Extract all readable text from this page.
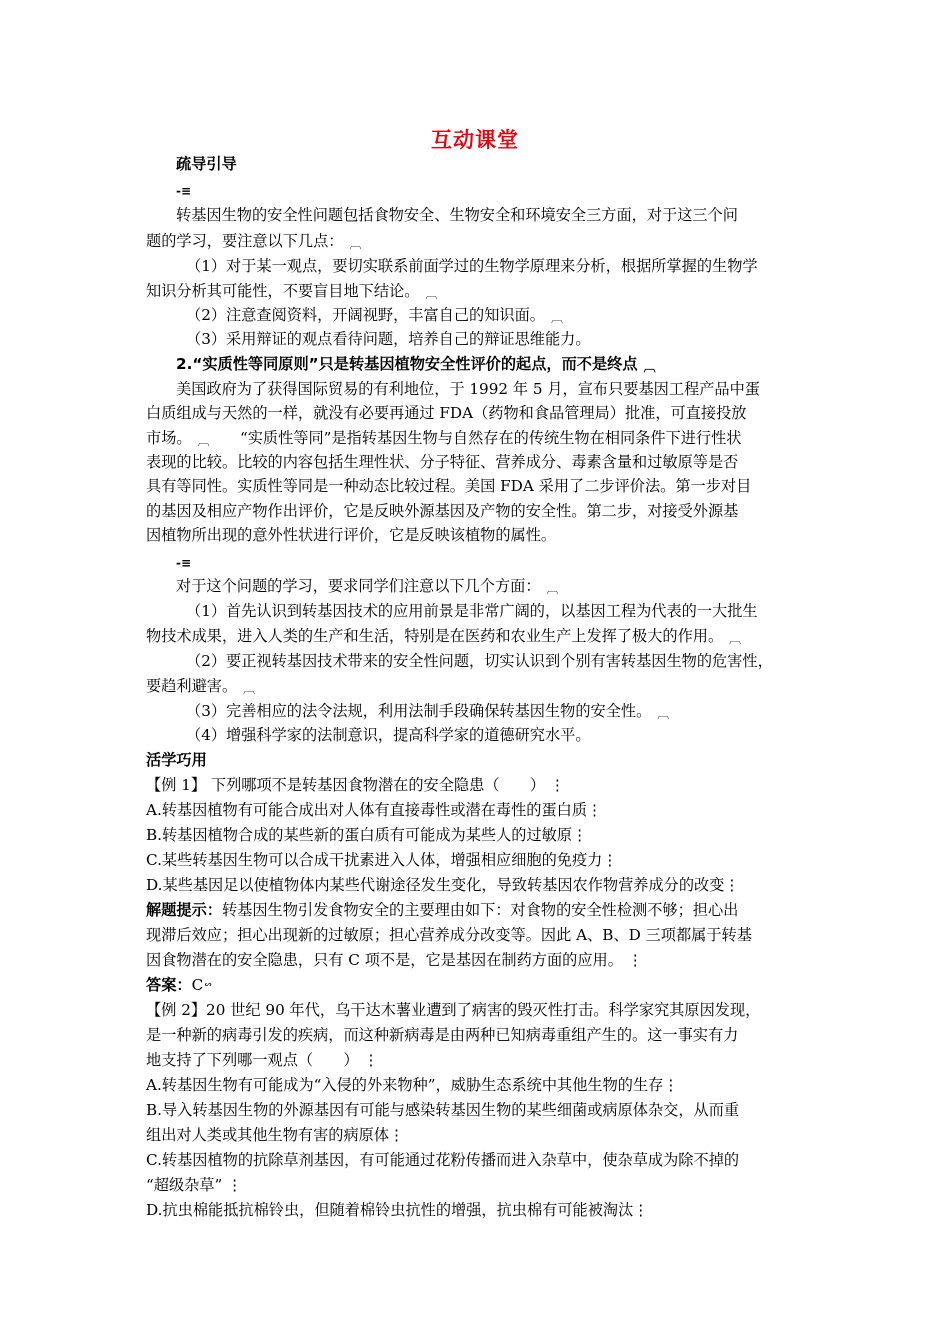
互动课堂
疏导引导
-≡
转基因生物的安全性问题包括食物安全、生物安全和环境安全三方面，对于这三个问
题的学习，要注意以下几点： ︹
（1）对于某一观点，要切实联系前面学过的生物学原理来分析，根据所掌握的生物学
知识分析其可能性，不要盲目地下结论。 ︹
（2）注意查阅资料，开阔视野，丰富自己的知识面。 ︹
（3）采用辩证的观点看待问题，培养自己的辩证思维能力。
2.“实质性等同原则”只是转基因植物安全性评价的起点，而不是终点 ︹
美国政府为了获得国际贸易的有利地位，于 1992 年 5 月，宣布只要基因工程产品中蛋
白质组成与天然的一样，就没有必要再通过 FDA（药物和食品管理局）批准，可直接投放
市场。 ︹　　 “实质性等同”是指转基因生物与自然存在的传统生物在相同条件下进行性状
表现的比较。比较的内容包括生理性状、分子特征、营养成分、毒素含量和过敏原等是否
具有等同性。实质性等同是一种动态比较过程。美国 FDA 采用了二步评价法。第一步对目
的基因及相应产物作出评价，它是反映外源基因及产物的安全性。第二步，对接受外源基
因植物所出现的意外性状进行评价，它是反映该植物的属性。
-≡
对于这个问题的学习，要求同学们注意以下几个方面： ︹
（1）首先认识到转基因技术的应用前景是非常广阔的，以基因工程为代表的一大批生
物技术成果，进入人类的生产和生活，特别是在医药和农业生产上发挥了极大的作用。 ︹
（2）要正视转基因技术带来的安全性问题，切实认识到个别有害转基因生物的危害性，
要趋利避害。 ︹
（3）完善相应的法令法规，利用法制手段确保转基因生物的安全性。 ︹
（4）增强科学家的法制意识，提高科学家的道德研究水平。
活学巧用
【例 1】 下列哪项不是转基因食物潜在的安全隐患（　　） ⋮
A.转基因植物有可能合成出对人体有直接毒性或潜在毒性的蛋白质⋮
B.转基因植物合成的某些新的蛋白质有可能成为某些人的过敏原⋮
C.某些转基因生物可以合成干扰素进入人体，增强相应细胞的免疫力⋮
D.某些基因足以使植物体内某些代谢途径发生变化，导致转基因农作物营养成分的改变⋮
解题提示：转基因生物引发食物安全的主要理由如下：对食物的安全性检测不够；担心出
现滞后效应；担心出现新的过敏原；担心营养成分改变等。因此 A、B、D 三项都属于转基
因食物潜在的安全隐患，只有 C 项不是，它是基因在制药方面的应用。 ⋮
答案：Cᔥ
【例 2】20 世纪 90 年代，乌干达木薯业遭到了病害的毁灭性打击。科学家究其原因发现，
是一种新的病毒引发的疾病，而这种新病毒是由两种已知病毒重组产生的。这一事实有力
地支持了下列哪一观点（　　） ⋮
A.转基因生物有可能成为“入侵的外来物种”，威胁生态系统中其他生物的生存⋮
B.导入转基因生物的外源基因有可能与感染转基因生物的某些细菌或病原体杂交，从而重
组出对人类或其他生物有害的病原体⋮
C.转基因植物的抗除草剂基因，有可能通过花粉传播而进入杂草中，使杂草成为除不掉的
“超级杂草” ⋮
D.抗虫棉能抵抗棉铃虫，但随着棉铃虫抗性的增强，抗虫棉有可能被淘汰⋮
